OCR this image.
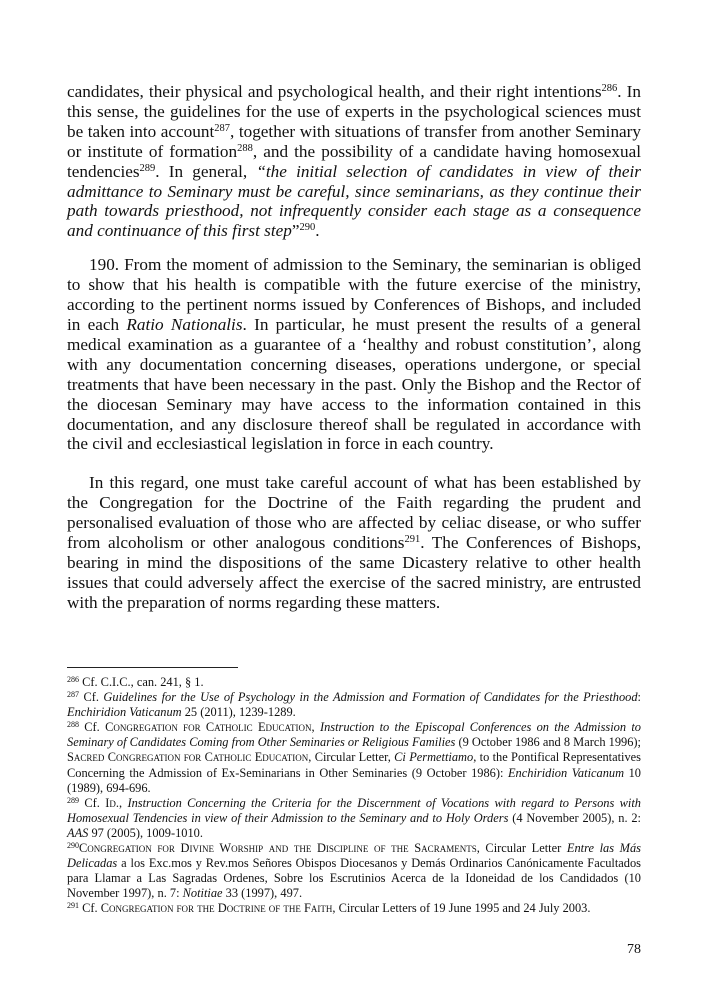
candidates, their physical and psychological health, and their right intentions$^{286}$. In this sense, the guidelines for the use of experts in the psychological sciences must be taken into account$^{287}$, together with situations of transfer from another Seminary or institute of formation$^{288}$, and the possibility of a candidate having homosexual tendencies$^{289}$. In general, “the initial selection of candidates in view of their admittance to Seminary must be careful, since seminarians, as they continue their path towards priesthood, not infrequently consider each stage as a consequence and continuance of this first step”$^{290}$.

190. From the moment of admission to the Seminary, the seminarian is obliged to show that his health is compatible with the future exercise of the ministry, according to the pertinent norms issued by Conferences of Bishops, and included in each Ratio Nationalis. In particular, he must present the results of a general medical examination as a guarantee of a ‘healthy and robust constitution’, along with any documentation concerning diseases, operations undergone, or special treatments that have been necessary in the past. Only the Bishop and the Rector of the diocesan Seminary may have access to the information contained in this documentation, and any disclosure thereof shall be regulated in accordance with the civil and ecclesiastical legislation in force in each country.

In this regard, one must take careful account of what has been established by the Congregation for the Doctrine of the Faith regarding the prudent and personalised evaluation of those who are affected by celiac disease, or who suffer from alcoholism or other analogous conditions$^{291}$. The Conferences of Bishops, bearing in mind the dispositions of the same Dicastery relative to other health issues that could adversely affect the exercise of the sacred ministry, are entrusted with the preparation of norms regarding these matters.

$^{286}$ Cf. C.I.C., can. 241, § 1.

$^{287}$ Cf. Guidelines for the Use of Psychology in the Admission and Formation of Candidates for the Priesthood: Enchiridion Vaticanum 25 (2011), 1239-1289.

$^{288}$ Cf. Congregation for Catholic Education, Instruction to the Episcopal Conferences on the Admission to Seminary of Candidates Coming from Other Seminaries or Religious Families (9 October 1986 and 8 March 1996); Sacred Congregation for Catholic Education, Circular Letter, Ci Permettiamo, to the Pontifical Representatives Concerning the Admission of Ex-Seminarians in Other Seminaries (9 October 1986): Enchiridion Vaticanum 10 (1989), 694-696.

$^{289}$ Cf. Id., Instruction Concerning the Criteria for the Discernment of Vocations with regard to Persons with Homosexual Tendencies in view of their Admission to the Seminary and to Holy Orders (4 November 2005), n. 2: AAS 97 (2005), 1009-1010.

$^{290}$Congregation for Divine Worship and the Discipline of the Sacraments, Circular Letter Entre las Más Delicadas a los Exc.mos y Rev.mos Señores Obispos Diocesanos y Demás Ordinarios Canónicamente Facultados para Llamar a Las Sagradas Ordenes, Sobre los Escrutinios Acerca de la Idoneidad de los Candidados (10 November 1997), n. 7: Notitiae 33 (1997), 497.

$^{291}$ Cf. Congregation for the Doctrine of the Faith, Circular Letters of 19 June 1995 and 24 July 2003.

78
